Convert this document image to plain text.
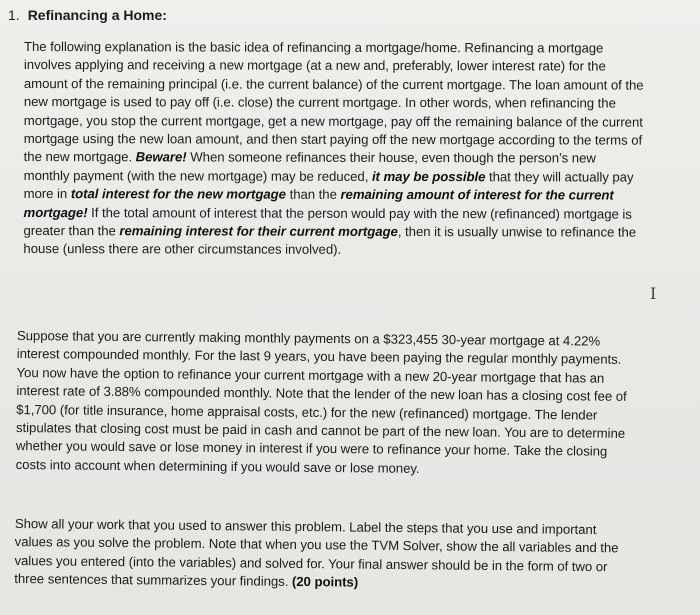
1. Refinancing a Home:

The following explanation is the basic idea of refinancing a mortgage/home. Refinancing a mortgage involves applying and receiving a new mortgage (at a new and, preferably, lower interest rate) for the amount of the remaining principal (i.e. the current balance) of the current mortgage. The loan amount of the new mortgage is used to pay off (i.e. close) the current mortgage. In other words, when refinancing the mortgage, you stop the current mortgage, get a new mortgage, pay off the remaining balance of the current mortgage using the new loan amount, and then start paying off the new mortgage according to the terms of the new mortgage. Beware! When someone refinances their house, even though the person’s new monthly payment (with the new mortgage) may be reduced, it may be possible that they will actually pay more in total interest for the new mortgage than the remaining amount of interest for the current mortgage! If the total amount of interest that the person would pay with the new (refinanced) mortgage is greater than the remaining interest for their current mortgage, then it is usually unwise to refinance the house (unless there are other circumstances involved).

Suppose that you are currently making monthly payments on a $323,455 30-year mortgage at 4.22% interest compounded monthly. For the last 9 years, you have been paying the regular monthly payments. You now have the option to refinance your current mortgage with a new 20-year mortgage that has an interest rate of 3.88% compounded monthly. Note that the lender of the new loan has a closing cost fee of $1,700 (for title insurance, home appraisal costs, etc.) for the new (refinanced) mortgage. The lender stipulates that closing cost must be paid in cash and cannot be part of the new loan. You are to determine whether you would save or lose money in interest if you were to refinance your home. Take the closing costs into account when determining if you would save or lose money.

Show all your work that you used to answer this problem. Label the steps that you use and important values as you solve the problem. Note that when you use the TVM Solver, show the all variables and the values you entered (into the variables) and solved for. Your final answer should be in the form of two or three sentences that summarizes your findings. (20 points)

I
